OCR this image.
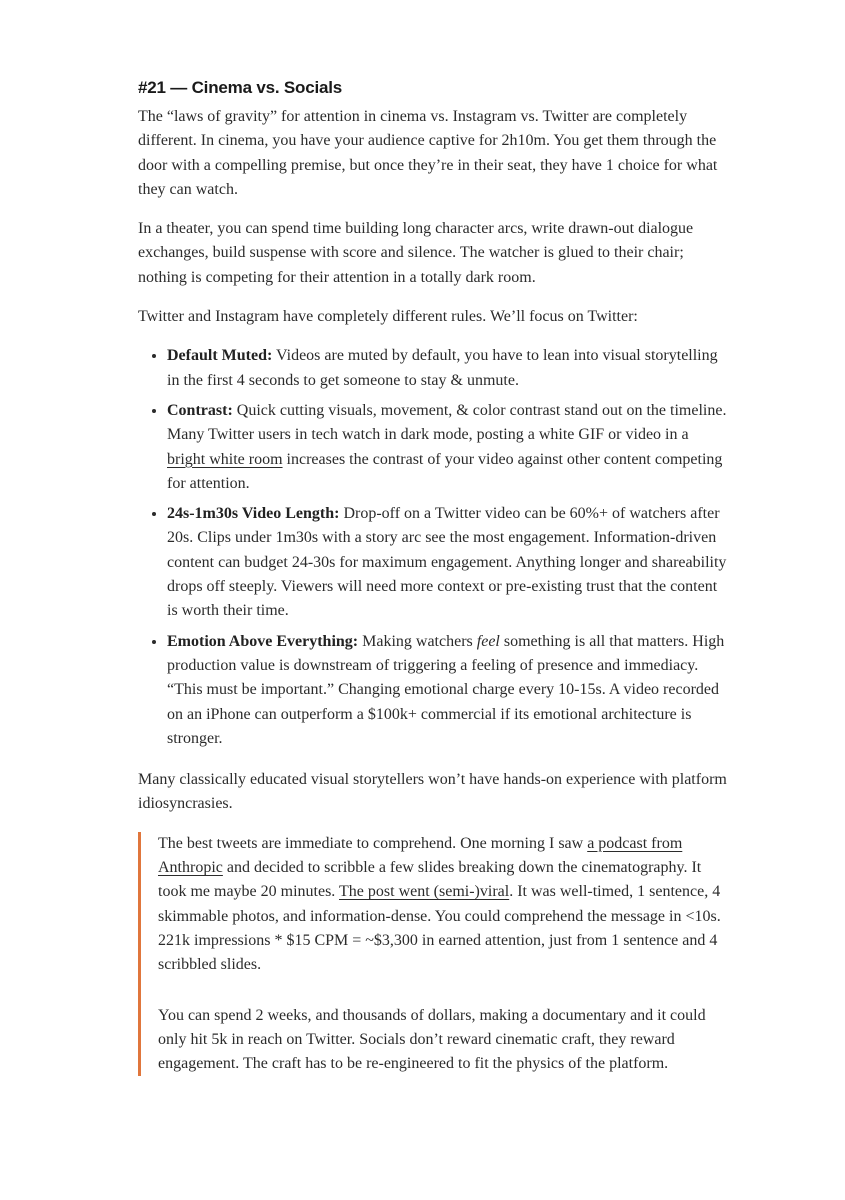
#21 — Cinema vs. Socials

The “laws of gravity” for attention in cinema vs. Instagram vs. Twitter are completely different. In cinema, you have your audience captive for 2h10m. You get them through the door with a compelling premise, but once they’re in their seat, they have 1 choice for what they can watch.

In a theater, you can spend time building long character arcs, write drawn-out dialogue exchanges, build suspense with score and silence. The watcher is glued to their chair; nothing is competing for their attention in a totally dark room.

Twitter and Instagram have completely different rules. We’ll focus on Twitter:

• Default Muted: Videos are muted by default, you have to lean into visual storytelling in the first 4 seconds to get someone to stay & unmute.
• Contrast: Quick cutting visuals, movement, & color contrast stand out on the timeline. Many Twitter users in tech watch in dark mode, posting a white GIF or video in a bright white room increases the contrast of your video against other content competing for attention.
• 24s-1m30s Video Length: Drop-off on a Twitter video can be 60%+ of watchers after 20s. Clips under 1m30s with a story arc see the most engagement. Information-driven content can budget 24-30s for maximum engagement. Anything longer and shareability drops off steeply. Viewers will need more context or pre-existing trust that the content is worth their time.
• Emotion Above Everything: Making watchers feel something is all that matters. High production value is downstream of triggering a feeling of presence and immediacy. “This must be important.” Changing emotional charge every 10-15s. A video recorded on an iPhone can outperform a $100k+ commercial if its emotional architecture is stronger.

Many classically educated visual storytellers won’t have hands-on experience with platform idiosyncrasies.

The best tweets are immediate to comprehend. One morning I saw a podcast from Anthropic and decided to scribble a few slides breaking down the cinematography. It took me maybe 20 minutes. The post went (semi-)viral. It was well-timed, 1 sentence, 4 skimmable photos, and information-dense. You could comprehend the message in <10s. 221k impressions * $15 CPM = ~$3,300 in earned attention, just from 1 sentence and 4 scribbled slides.

You can spend 2 weeks, and thousands of dollars, making a documentary and it could only hit 5k in reach on Twitter. Socials don’t reward cinematic craft, they reward engagement. The craft has to be re-engineered to fit the physics of the platform.
